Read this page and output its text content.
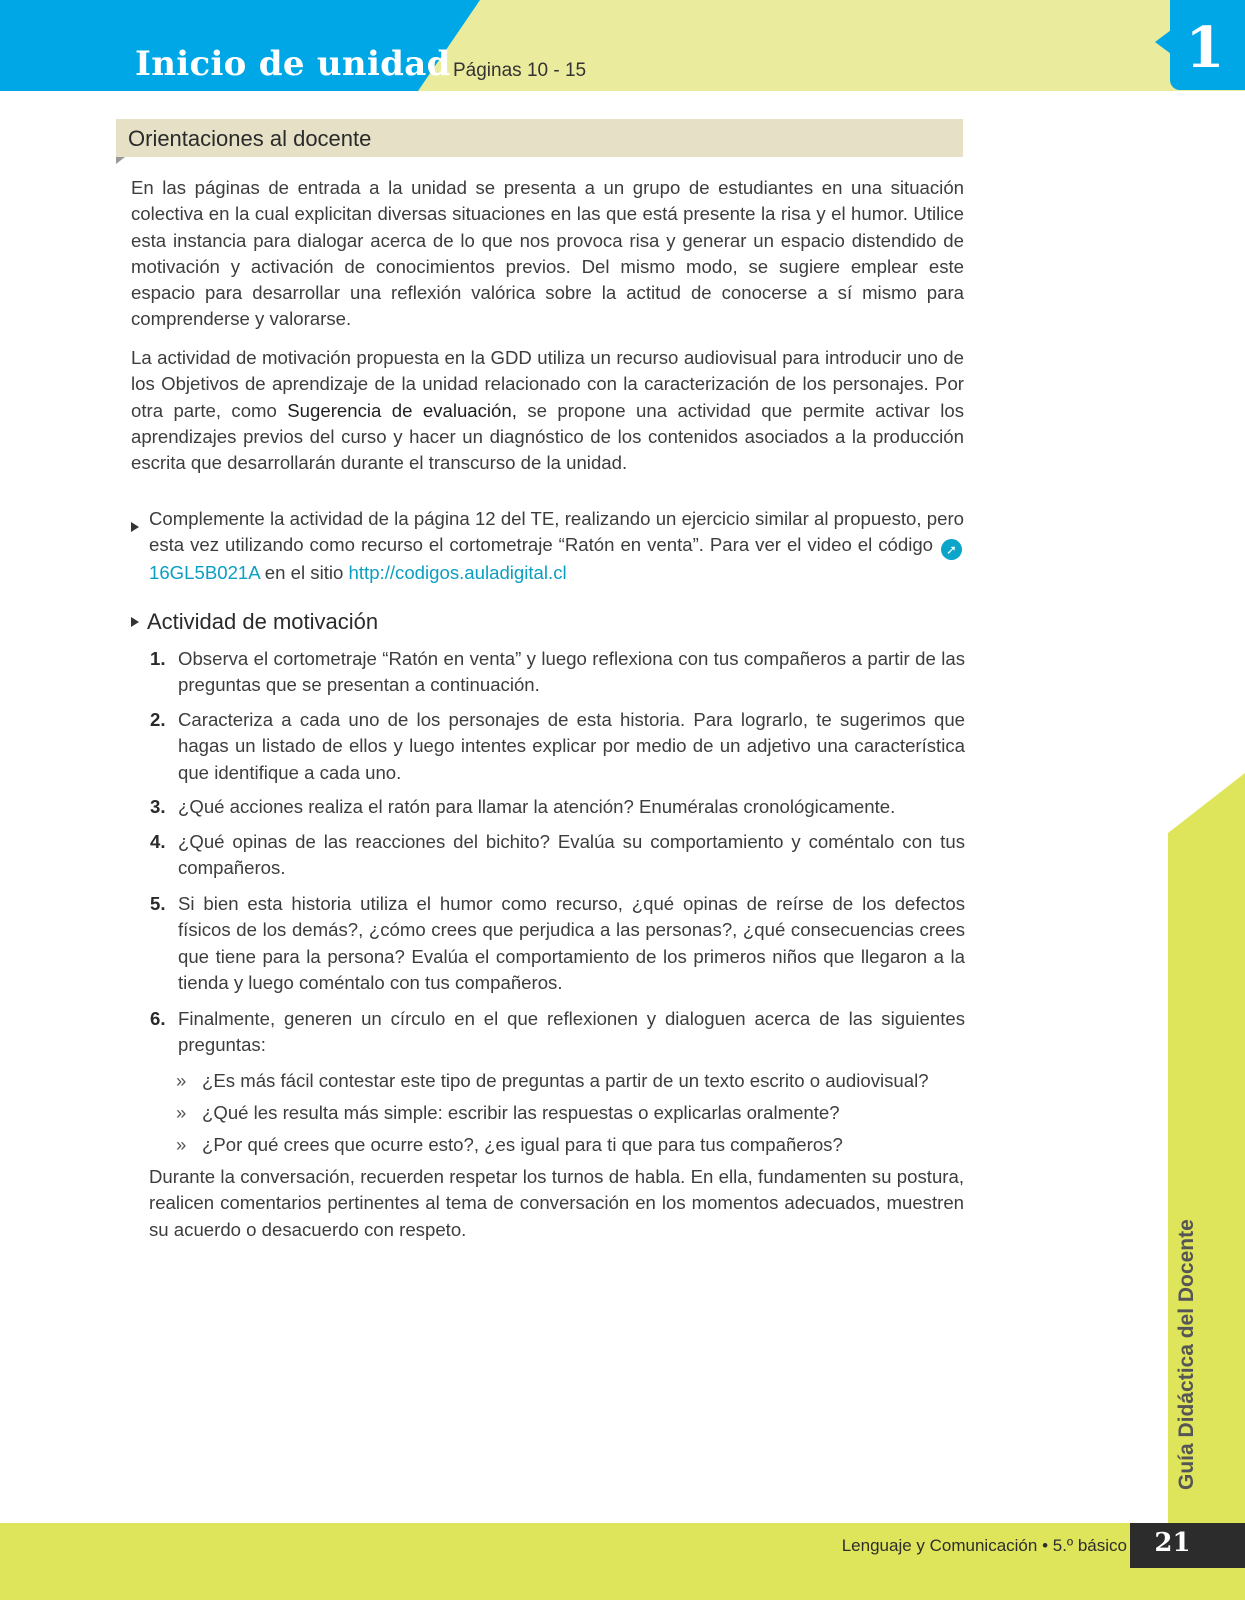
Inicio de unidad Páginas 10 - 15	1
Orientaciones al docente

En las páginas de entrada a la unidad se presenta a un grupo de estudiantes en una situación colectiva en la cual explicitan diversas situaciones en las que está presente la risa y el humor. Utilice esta instancia para dialogar acerca de lo que nos provoca risa y generar un espacio distendido de motivación y activación de conocimientos previos. Del mismo modo, se sugiere emplear este espacio para desarrollar una reflexión valórica sobre la actitud de conocerse a sí mismo para comprenderse y valorarse.

La actividad de motivación propuesta en la GDD utiliza un recurso audiovisual para introducir uno de los Objetivos de aprendizaje de la unidad relacionado con la caracterización de los personajes. Por otra parte, como Sugerencia de evaluación, se propone una actividad que permite activar los aprendizajes previos del curso y hacer un diagnóstico de los contenidos asociados a la producción escrita que desarrollarán durante el transcurso de la unidad.

Complemente la actividad de la página 12 del TE, realizando un ejercicio similar al propuesto, pero esta vez utilizando como recurso el cortometraje “Ratón en venta”. Para ver el video el código ➚ 16GL5B021A en el sitio http://codigos.auladigital.cl
Actividad de motivación
1. Observa el cortometraje “Ratón en venta” y luego reflexiona con tus compañeros a partir de las preguntas que se presentan a continuación.
2. Caracteriza a cada uno de los personajes de esta historia. Para lograrlo, te sugerimos que hagas un listado de ellos y luego intentes explicar por medio de un adjetivo una característica que identifique a cada uno.
3. ¿Qué acciones realiza el ratón para llamar la atención? Enuméralas cronológicamente.
4. ¿Qué opinas de las reacciones del bichito? Evalúa su comportamiento y coméntalo con tus compañeros.
5. Si bien esta historia utiliza el humor como recurso, ¿qué opinas de reírse de los defectos físicos de los demás?, ¿cómo crees que perjudica a las personas?, ¿qué consecuencias crees que tiene para la persona? Evalúa el comportamiento de los primeros niños que llegaron a la tienda y luego coméntalo con tus compañeros.
6. Finalmente, generen un círculo en el que reflexionen y dialoguen acerca de las siguientes preguntas:
» ¿Es más fácil contestar este tipo de preguntas a partir de un texto escrito o audiovisual?
» ¿Qué les resulta más simple: escribir las respuestas o explicarlas oralmente?
» ¿Por qué crees que ocurre esto?, ¿es igual para ti que para tus compañeros?

Durante la conversación, recuerden respetar los turnos de habla. En ella, fundamenten su postura, realicen comentarios pertinentes al tema de conversación en los momentos adecuados, muestren su acuerdo o desacuerdo con respeto.	Guía Didáctica del Docente
Lenguaje y Comunicación • 5.º básico	21
